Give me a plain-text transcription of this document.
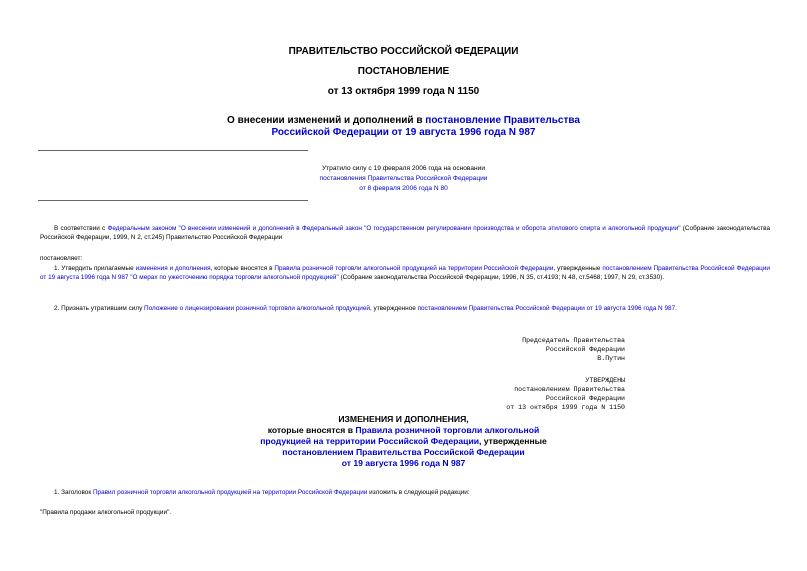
ПРАВИТЕЛЬСТВО РОССИЙСКОЙ ФЕДЕРАЦИИ
ПОСТАНОВЛЕНИЕ
от 13 октября 1999 года N 1150
О внесении изменений и дополнений в постановление Правительства
Российской Федерации от 19 августа 1996 года N 987
Утратило силу с 19 февраля 2006 года на основании
постановления Правительства Российской Федерации
от 8 февраля 2006 года N 80
В соответствии с Федеральным законом "О внесении изменений и дополнений в Федеральный закон "О государственном регулировании производства и оборота этилового спирта и алкогольной продукции" (Собрание законодательства Российской Федерации, 1999, N 2, ст.245) Правительство Российской Федерации
постановляет:
1. Утвердить прилагаемые изменения и дополнения, которые вносятся в Правила розничной торговли алкогольной продукцией на территории Российской Федерации, утвержденные постановлением Правительства Российской Федерации от 19 августа 1996 года N 987 "О мерах по ужесточению порядка торговли алкогольной продукцией" (Собрание законодательства Российской Федерации, 1996, N 35, ст.4193; N 48, ст.5468; 1997, N 29, ст.3530).
2. Признать утратившим силу Положение о лицензировании розничной торговли алкогольной продукцией, утвержденное постановлением Правительства Российской Федерации от 19 августа 1996 года N 987.
Председатель Правительства
Российской Федерации
В.Путин
УТВЕРЖДЕНЫ
постановлением Правительства
Российской Федерации
от 13 октября 1999 года N 1150
ИЗМЕНЕНИЯ И ДОПОЛНЕНИЯ,
которые вносятся в Правила розничной торговли алкогольной
продукцией на территории Российской Федерации, утвержденные
постановлением Правительства Российской Федерации
от 19 августа 1996 года N 987
1. Заголовок Правил розничной торговли алкогольной продукцией на территории Российской Федерации изложить в следующей редакции:
"Правила продажи алкогольной продукции".
